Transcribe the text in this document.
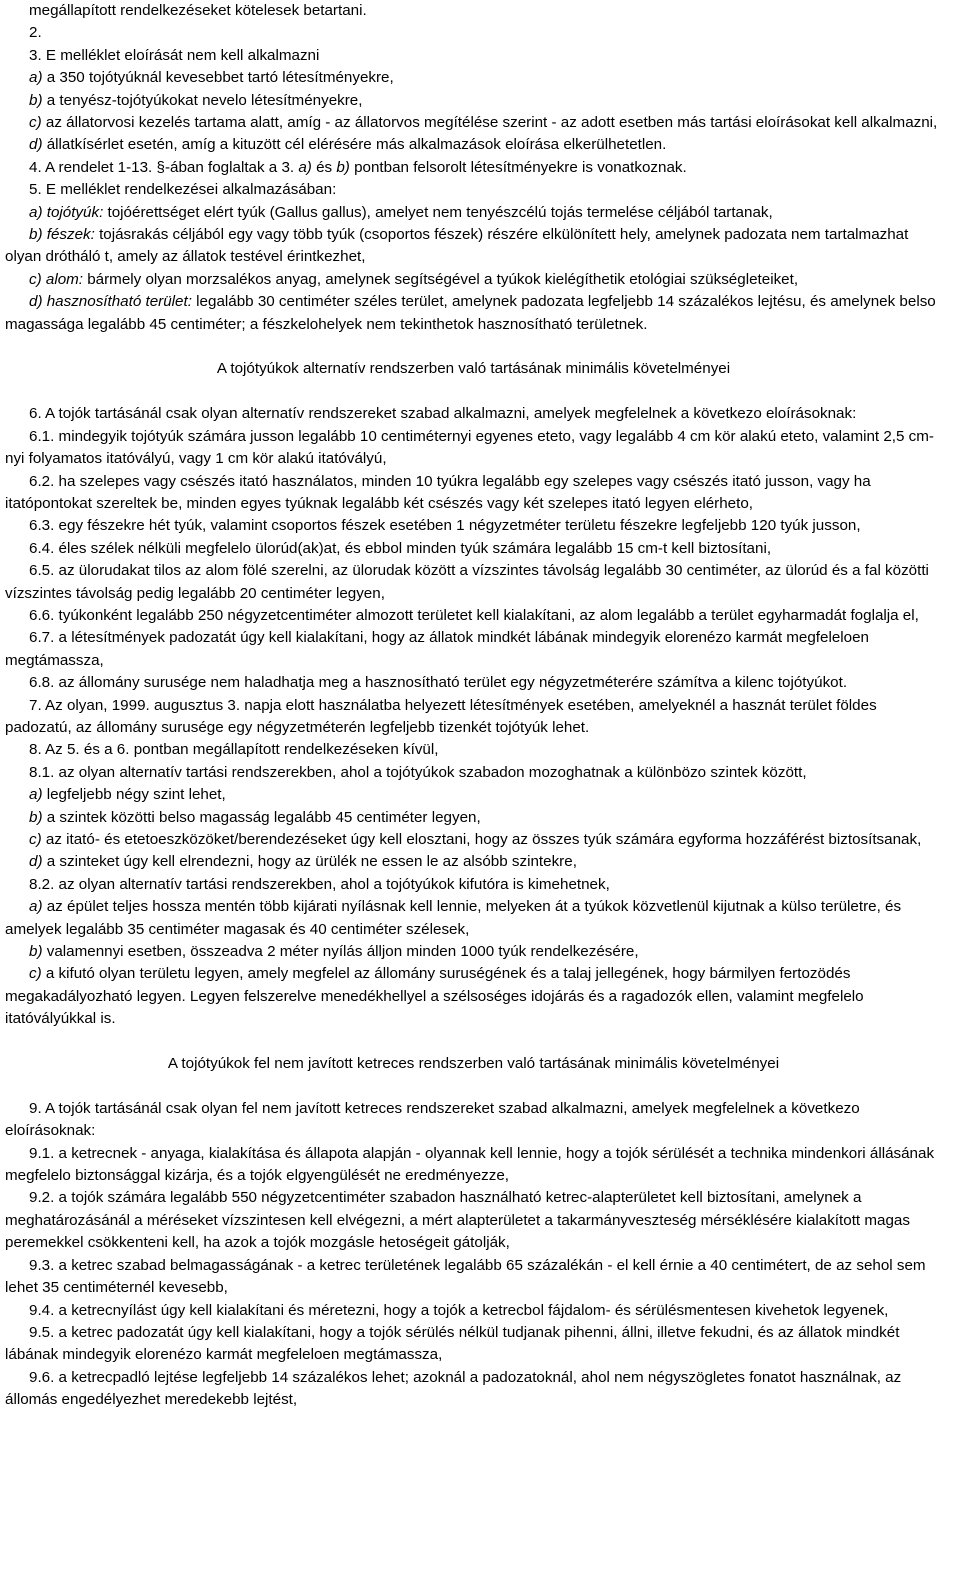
megállapított rendelkezéseket kötelesek betartani.

2.

3. E melléklet eloírását nem kell alkalmazni

a) a 350 tojótyúknál kevesebbet tartó létesítményekre,

b) a tenyész-tojótyúkokat nevelo létesítményekre,

c) az állatorvosi kezelés tartama alatt, amíg - az állatorvos megítélése szerint - az adott esetben más tartási eloírásokat kell alkalmazni,

d) állatkísérlet esetén, amíg a kituzött cél elérésére más alkalmazások eloírása elkerülhetetlen.

4. A rendelet 1-13. §-ában foglaltak a 3. a) és b) pontban felsorolt létesítményekre is vonatkoznak.

5. E melléklet rendelkezései alkalmazásában:

a) tojótyúk: tojóérettséget elért tyúk (Gallus gallus), amelyet nem tenyészcélú tojás termelése céljából tartanak,

b) fészek: tojásrakás céljából egy vagy több tyúk (csoportos fészek) részére elkülönített hely, amelynek padozata nem tartalmazhat olyan drótháló t, amely az állatok testével érintkezhet,

c) alom: bármely olyan morzsalékos anyag, amelynek segítségével a tyúkok kielégíthetik etológiai szükségleteiket,

d) hasznosítható terület: legalább 30 centiméter széles terület, amelynek padozata legfeljebb 14 százalékos lejtésu, és amelynek belso magassága legalább 45 centiméter; a fészkelohelyek nem tekinthetok hasznosítható területnek.

A tojótyúkok alternatív rendszerben való tartásának minimális követelményei

6. A tojók tartásánál csak olyan alternatív rendszereket szabad alkalmazni, amelyek megfelelnek a következo eloírásoknak:

6.1. mindegyik tojótyúk számára jusson legalább 10 centiméternyi egyenes eteto, vagy legalább 4 cm kör alakú eteto, valamint 2,5 cm-nyi folyamatos itatóvályú, vagy 1 cm kör alakú itatóvályú,

6.2. ha szelepes vagy csészés itató használatos, minden 10 tyúkra legalább egy szelepes vagy csészés itató jusson, vagy ha itatópontokat szereltek be, minden egyes tyúknak legalább két csészés vagy két szelepes itató legyen elérheto,

6.3. egy fészekre hét tyúk, valamint csoportos fészek esetében 1 négyzetméter területu fészekre legfeljebb 120 tyúk jusson,

6.4. éles szélek nélküli megfelelo ülorúd(ak)at, és ebbol minden tyúk számára legalább 15 cm-t kell biztosítani,

6.5. az ülorudakat tilos az alom fölé szerelni, az ülorudak között a vízszintes távolság legalább 30 centiméter, az ülorúd és a fal közötti vízszintes távolság pedig legalább 20 centiméter legyen,

6.6. tyúkonként legalább 250 négyzetcentiméter almozott területet kell kialakítani, az alom legalább a terület egyharmadát foglalja el,

6.7. a létesítmények padozatát úgy kell kialakítani, hogy az állatok mindkét lábának mindegyik elorenézo karmát megfeleloen megtámassza,

6.8. az állomány surusége nem haladhatja meg a hasznosítható terület egy négyzetméterére számítva a kilenc tojótyúkot.

7. Az olyan, 1999. augusztus 3. napja elott használatba helyezett létesítmények esetében, amelyeknél a hasznát terület földes padozatú, az állomány surusége egy négyzetméterén legfeljebb tizenkét tojótyúk lehet.

8. Az 5. és a 6. pontban megállapított rendelkezéseken kívül,

8.1. az olyan alternatív tartási rendszerekben, ahol a tojótyúkok szabadon mozoghatnak a különbözo szintek között,

a) legfeljebb négy szint lehet,

b) a szintek közötti belso magasság legalább 45 centiméter legyen,

c) az itató- és etetoeszközöket/berendezéseket úgy kell elosztani, hogy az összes tyúk számára egyforma hozzáférést biztosítsanak,

d) a szinteket úgy kell elrendezni, hogy az ürülék ne essen le az alsóbb szintekre,

8.2. az olyan alternatív tartási rendszerekben, ahol a tojótyúkok kifutóra is kimehetnek,

a) az épület teljes hossza mentén több kijárati nyílásnak kell lennie, melyeken át a tyúkok közvetlenül kijutnak a külso területre, és amelyek legalább 35 centiméter magasak és 40 centiméter szélesek,

b) valamennyi esetben, összeadva 2 méter nyílás álljon minden 1000 tyúk rendelkezésére,

c) a kifutó olyan területu legyen, amely megfelel az állomány suruségének és a talaj jellegének, hogy bármilyen fertozödés megakadályozható legyen. Legyen felszerelve menedékhellyel a szélsoséges idojárás és a ragadozók ellen, valamint megfelelo itatóvályúkkal is.

A tojótyúkok fel nem javított ketreces rendszerben való tartásának minimális követelményei

9. A tojók tartásánál csak olyan fel nem javított ketreces rendszereket szabad alkalmazni, amelyek megfelelnek a következo eloírásoknak:

9.1. a ketrecnek - anyaga, kialakítása és állapota alapján - olyannak kell lennie, hogy a tojók sérülését a technika mindenkori állásának megfelelo biztonsággal kizárja, és a tojók elgyengülését ne eredményezze,

9.2. a tojók számára legalább 550 négyzetcentiméter szabadon használható ketrec-alapterületet kell biztosítani, amelynek a meghatározásánál a méréseket vízszintesen kell elvégezni, a mért alapterületet a takarmányveszteség mérséklésére kialakított magas peremekkel csökkenteni kell, ha azok a tojók mozgásle hetoségeit gátolják,

9.3. a ketrec szabad belmagasságának - a ketrec területének legalább 65 százalékán - el kell érnie a 40 centimétert, de az sehol sem lehet 35 centiméternél kevesebb,

9.4. a ketrecnyílást úgy kell kialakítani és méretezni, hogy a tojók a ketrecbol fájdalom- és sérülésmentesen kivehetok legyenek,

9.5. a ketrec padozatát úgy kell kialakítani, hogy a tojók sérülés nélkül tudjanak pihenni, állni, illetve fekudni, és az állatok mindkét lábának mindegyik elorenézo karmát megfeleloen megtámassza,

9.6. a ketrecpadló lejtése legfeljebb 14 százalékos lehet; azoknál a padozatoknál, ahol nem négyszögletes fonatot használnak, az állomás engedélyezhet meredekebb lejtést,
